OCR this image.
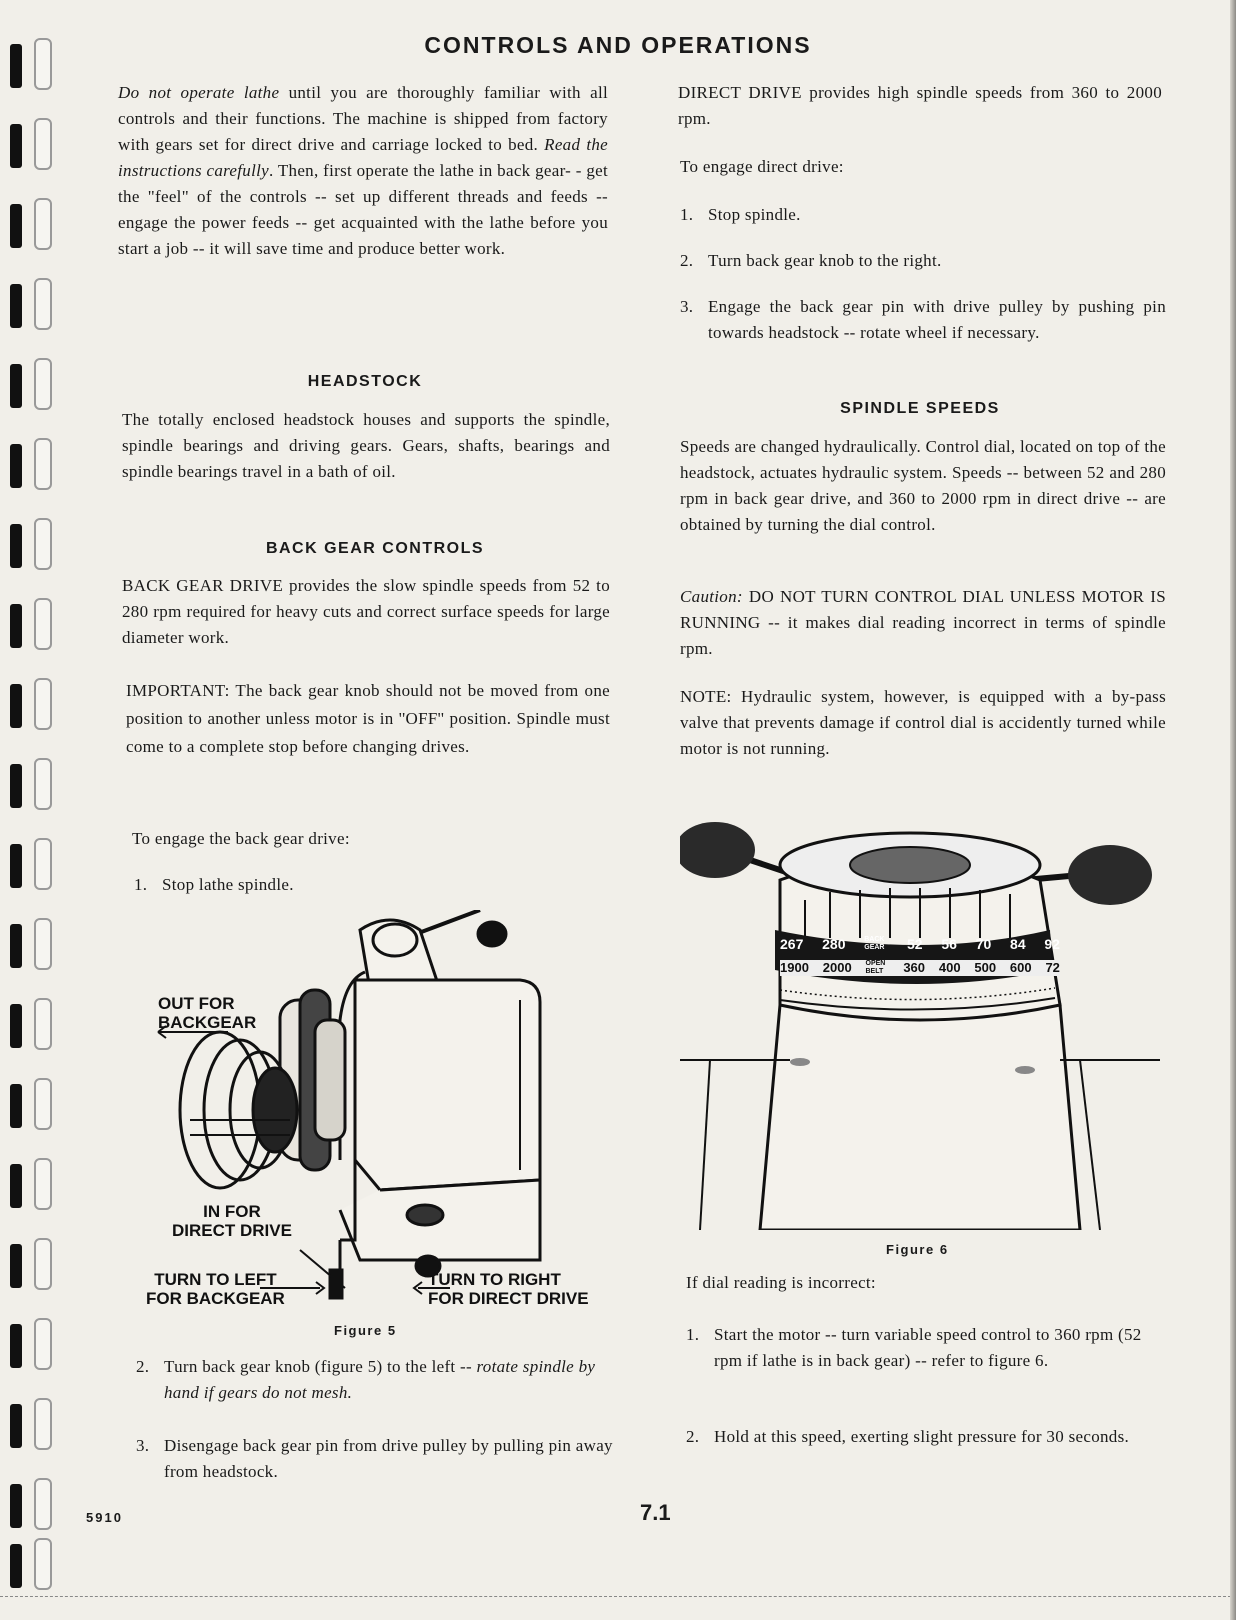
CONTROLS AND OPERATIONS

Do not operate lathe until you are thoroughly familiar with all controls and their functions. The machine is shipped from factory with gears set for direct drive and carriage locked to bed. Read the instructions carefully. Then, first operate the lathe in back gear- - get the "feel" of the controls -- set up different threads and feeds -- engage the power feeds -- get acquainted with the lathe before you start a job -- it will save time and produce better work.

HEADSTOCK

The totally enclosed headstock houses and supports the spindle, spindle bearings and driving gears. Gears, shafts, bearings and spindle bearings travel in a bath of oil.

BACK GEAR CONTROLS

BACK GEAR DRIVE provides the slow spindle speeds from 52 to 280 rpm required for heavy cuts and correct surface speeds for large diameter work.

IMPORTANT: The back gear knob should not be moved from one position to another unless motor is in ''OFF'' position. Spindle must come to a complete stop before changing drives.

To engage the back gear drive:

1. Stop lathe spindle.
OUT FOR
BACKGEAR
IN FOR
DIRECT DRIVE
TURN TO LEFT
FOR BACKGEAR
TURN TO RIGHT
FOR DIRECT DRIVE
Figure 5
2. Turn back gear knob (figure 5) to the left -- rotate spindle by hand if gears do not mesh.
3. Disengage back gear pin from drive pulley by pulling pin away from headstock.

DIRECT DRIVE provides high spindle speeds from 360 to 2000 rpm.

To engage direct drive:

1. Stop spindle.
2. Turn back gear knob to the right.
3. Engage the back gear pin with drive pulley by pushing pin towards headstock -- rotate wheel if necessary.
SPINDLE SPEEDS

Speeds are changed hydraulically. Control dial, located on top of the headstock, actuates hydraulic system. Speeds -- between 52 and 280 rpm in back gear drive, and 360 to 2000 rpm in direct drive -- are obtained by turning the dial control.

Caution: DO NOT TURN CONTROL DIAL UNLESS MOTOR IS RUNNING -- it makes dial reading incorrect in terms of spindle rpm.

NOTE: Hydraulic system, however, is equipped with a by-pass valve that prevents damage if control dial is accidently turned while motor is not running.

267 280	BACK GEAR 52 56 70 84 92
1900 2000 OPEN BELT	360 400 500 600 72
Figure 6

If dial reading is incorrect:

1. Start the motor -- turn variable speed control to 360 rpm (52 rpm if lathe is in back gear) -- refer to figure 6.
2. Hold at this speed, exerting slight pressure for 30 seconds.
5910	7.1
